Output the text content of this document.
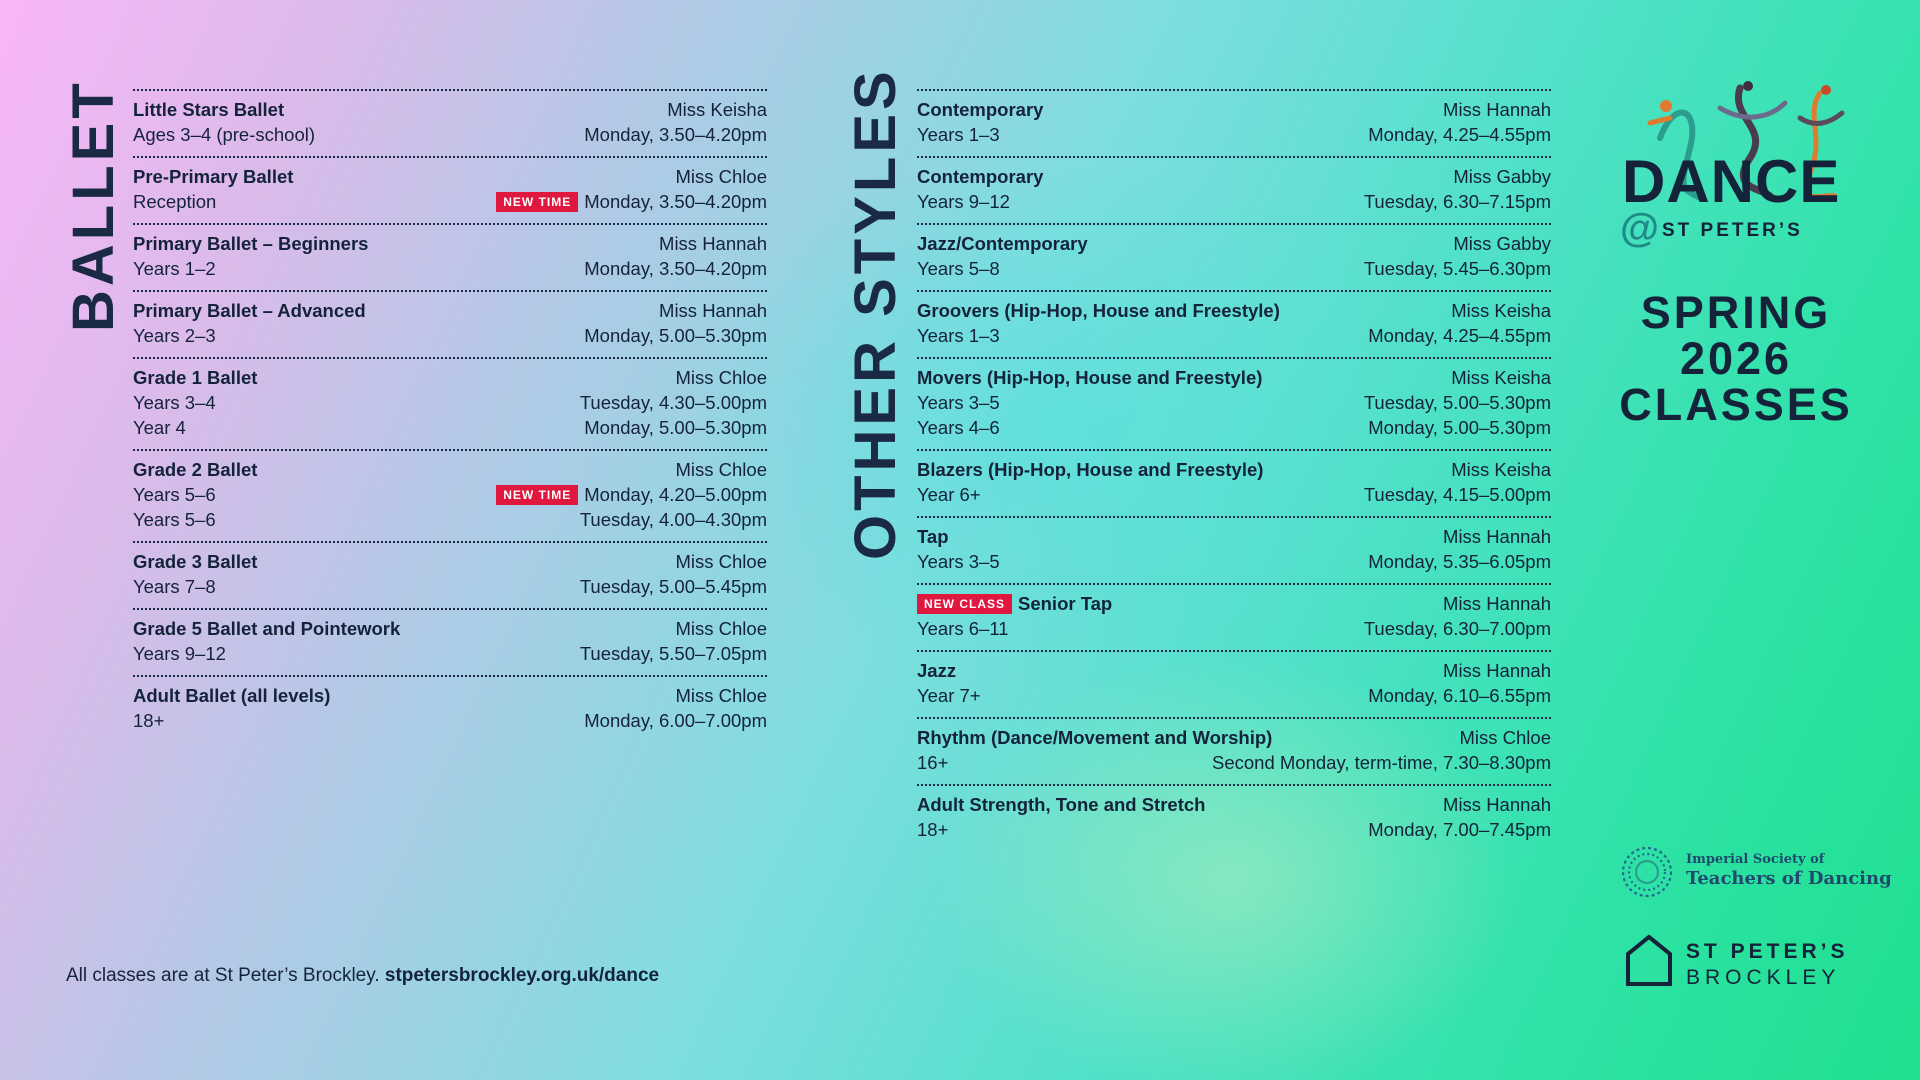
BALLET	OTHER STYLES
Little Stars Ballet	Miss Keisha
Ages 3–4 (pre-school)	Monday, 3.50–4.20pm
Pre-Primary Ballet	Miss Chloe
Reception	NEW TIME Monday, 3.50–4.20pm
Primary Ballet – Beginners	Miss Hannah
Years 1–2	Monday, 3.50–4.20pm
Primary Ballet – Advanced	Miss Hannah
Years 2–3	Monday, 5.00–5.30pm
Grade 1 Ballet	Miss Chloe
Years 3–4	Tuesday, 4.30–5.00pm
Year 4	Monday, 5.00–5.30pm
Grade 2 Ballet	Miss Chloe
Years 5–6	NEW TIME Monday, 4.20–5.00pm
Years 5–6	Tuesday, 4.00–4.30pm
Grade 3 Ballet	Miss Chloe
Years 7–8	Tuesday, 5.00–5.45pm
Grade 5 Ballet and Pointework	Miss Chloe
Years 9–12	Tuesday, 5.50–7.05pm
Adult Ballet (all levels)	Miss Chloe
18+	Monday, 6.00–7.00pm
Contemporary	Miss Hannah
Years 1–3	Monday, 4.25–4.55pm
Contemporary	Miss Gabby
Years 9–12	Tuesday, 6.30–7.15pm
Jazz/Contemporary	Miss Gabby
Years 5–8	Tuesday, 5.45–6.30pm
Groovers (Hip-Hop, House and Freestyle)	Miss Keisha
Years 1–3	Monday, 4.25–4.55pm
Movers (Hip-Hop, House and Freestyle)	Miss Keisha
Years 3–5	Tuesday, 5.00–5.30pm
Years 4–6	Monday, 5.00–5.30pm
Blazers (Hip-Hop, House and Freestyle)	Miss Keisha
Year 6+	Tuesday, 4.15–5.00pm
Tap	Miss Hannah
Years 3–5	Monday, 5.35–6.05pm
NEW CLASS Senior Tap	Miss Hannah
Years 6–11	Tuesday, 6.30–7.00pm
Jazz	Miss Hannah
Year 7+	Monday, 6.10–6.55pm
Rhythm (Dance/Movement and Worship)	Miss Chloe
16+	Second Monday, term-time, 7.30–8.30pm
Adult Strength, Tone and Stretch	Miss Hannah
18+	Monday, 7.00–7.45pm
All classes are at St Peter’s Brockley. stpetersbrockley.org.uk/dance
DANCE
@ ST PETER’S
SPRING
2026
CLASSES
Imperial Society of
Teachers of Dancing
ST PETER’S
BROCKLEY
